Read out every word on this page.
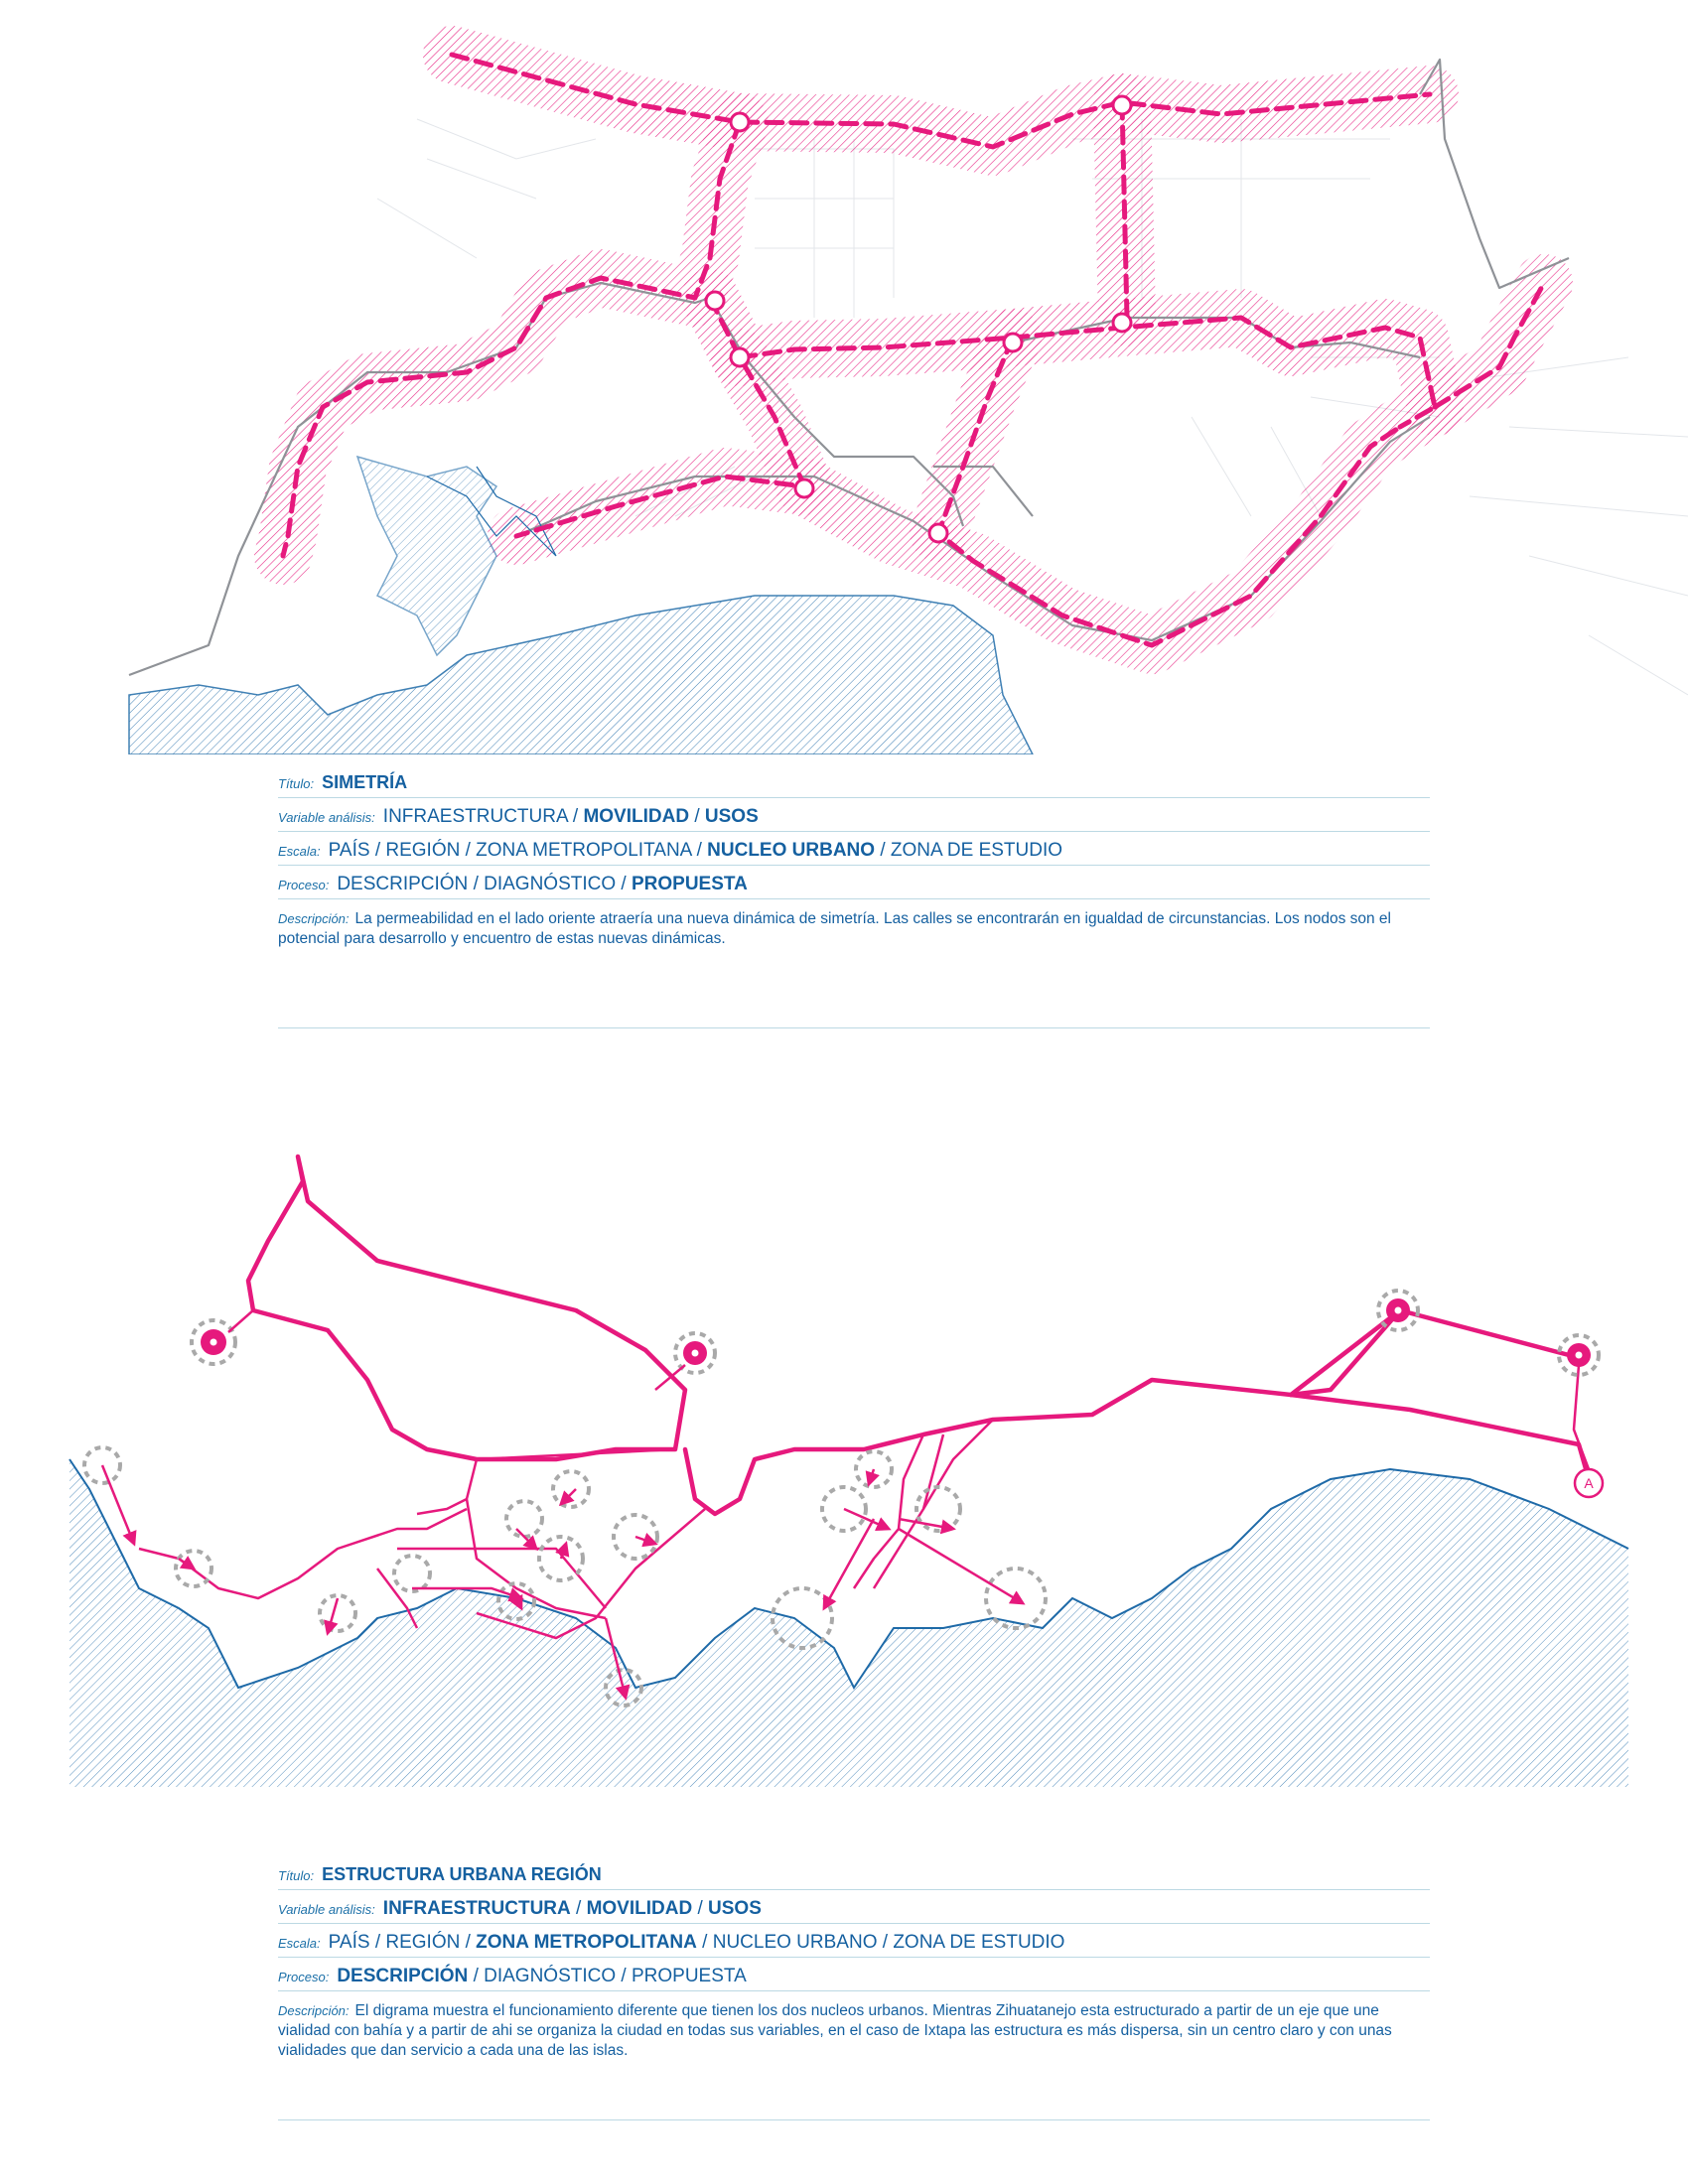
Título: SIMETRÍA
Variable análisis: INFRAESTRUCTURA / MOVILIDAD / USOS
Escala: PAÍS / REGIÓN / ZONA METROPOLITANA / NUCLEO URBANO / ZONA DE ESTUDIO
Proceso: DESCRIPCIÓN / DIAGNÓSTICO / PROPUESTA
Descripción: La permeabilidad en el lado oriente atraería una nueva dinámica de simetría. Las calles se encontrarán en igualdad de circunstancias. Los nodos son el potencial para desarrollo y encuentro de estas nuevas dinámicas.
A
Título: ESTRUCTURA URBANA REGIÓN
Variable análisis: INFRAESTRUCTURA / MOVILIDAD / USOS
Escala: PAÍS / REGIÓN / ZONA METROPOLITANA / NUCLEO URBANO / ZONA DE ESTUDIO
Proceso: DESCRIPCIÓN / DIAGNÓSTICO / PROPUESTA
Descripción: El digrama muestra el funcionamiento diferente que tienen los dos nucleos urbanos. Mientras Zihuatanejo esta estructurado a partir de un eje que une vialidad con bahía y a partir de ahi se organiza la ciudad en todas sus variables, en el caso de Ixtapa las estructura es más dispersa, sin un centro claro y con unas vialidades que dan servicio a cada una de las islas.
